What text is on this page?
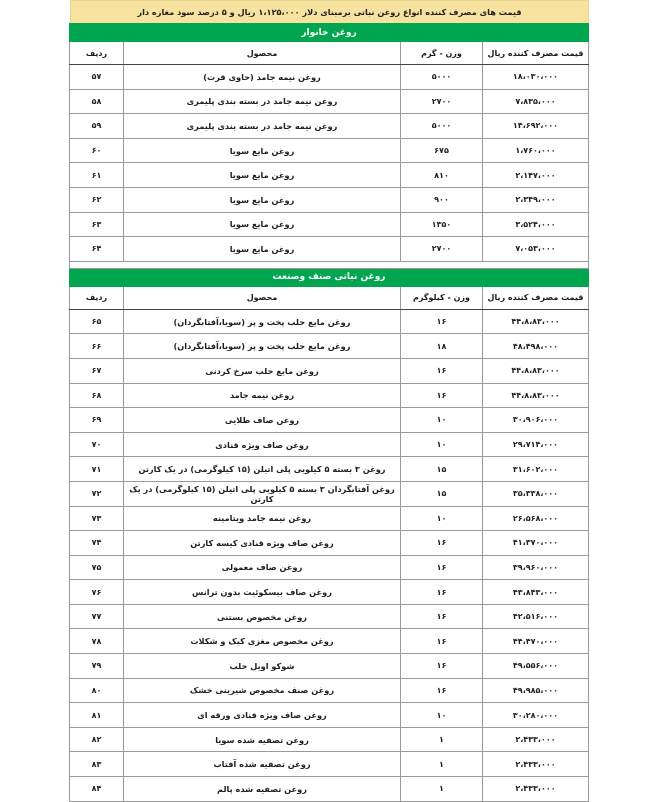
قیمت های مصرف کننده انواع روغن نباتی برمبنای دلار ۱،۱۲۵،۰۰۰ ریال و ۵ درصد سود مغازه دار
روغن خانوار			
قیمت مصرف کننده ریال	وزن - گرم	محصول	ردیف
۱۸،۰۳۰،۰۰۰	۵۰۰۰	روغن نیمه جامد (حاوی قرت)	۵۷
۷،۸۳۵،۰۰۰	۲۷۰۰	روغن نیمه جامد در بسته بندی پلیمری	۵۸
۱۴،۶۹۲،۰۰۰	۵۰۰۰	روغن نیمه جامد در بسته بندی پلیمری	۵۹
۱،۷۶۰،۰۰۰	۶۷۵	روغن مایع سویا	۶۰
۲،۱۴۷،۰۰۰	۸۱۰	روغن مایع سویا	۶۱
۲،۳۴۹،۰۰۰	۹۰۰	روغن مایع سویا	۶۲
۳،۵۲۴،۰۰۰	۱۳۵۰	روغن مایع سویا	۶۳
۷،۰۵۳،۰۰۰	۲۷۰۰	روغن مایع سویا	۶۴

روغن نباتی صنف وصنعت			
قیمت مصرف کننده ریال	وزن - کیلوگرم	محصول	ردیف
۴۴،۸،۸۳،۰۰۰	۱۶	روغن مایع حلب پخت و پز (سویا،آفتابگردان)	۶۵
۴۸،۴۹۸،۰۰۰	۱۸	روغن مایع حلب پخت و پز (سویا،آفتابگردان)	۶۶
۴۴،۸،۸۳،۰۰۰	۱۶	روغن مایع حلب سرخ کردنی	۶۷
۴۴،۸،۸۳،۰۰۰	۱۶	روغن نیمه جامد	۶۸
۳۰،۹۰۶،۰۰۰	۱۰	روغن صاف طلایی	۶۹
۲۹،۷۱۴،۰۰۰	۱۰	روغن صاف ویژه قنادی	۷۰
۳۱،۶۰۲،۰۰۰	۱۵	روغن ۳ بسته ۵ کیلویی پلی اتیلن (۱۵ کیلوگرمی) در یک کارتن	۷۱
۳۵،۳۳۸،۰۰۰	۱۵	روغن آفتابگردان ۳ بسته ۵ کیلویی پلی اتیلن (۱۵ کیلوگرمی) در یک کارتن	۷۲
۲۶،۵۶۸،۰۰۰	۱۰	روغن نیمه جامد ویتامینه	۷۳
۴۱،۳۷۰،۰۰۰	۱۶	روغن صاف ویژه قنادی کیسه کارتن	۷۴
۳۹،۹۶۰،۰۰۰	۱۶	روغن صاف معمولی	۷۵
۴۳،۸۴۳،۰۰۰	۱۶	روغن صاف بیسکوئیت بدون ترانس	۷۶
۴۲،۵۱۶،۰۰۰	۱۶	روغن مخصوص بستنی	۷۷
۴۴،۴۷۰،۰۰۰	۱۶	روغن مخصوص مغزی کیک و شکلات	۷۸
۴۹،۵۵۶،۰۰۰	۱۶	شوکو اویل حلب	۷۹
۴۹،۹۸۵،۰۰۰	۱۶	روغن صنف مخصوص شیرینی خشک	۸۰
۳۰،۲۸۰،۰۰۰	۱۰	روغن صاف ویژه قنادی ورقه ای	۸۱
۲،۴۳۳،۰۰۰	۱	روغن تصفیه شده سویا	۸۲
۲،۴۳۳،۰۰۰	۱	روغن تصفیه شده آفتاب	۸۳
۲،۴۳۳،۰۰۰	۱	روغن تصفیه شده پالم	۸۴
